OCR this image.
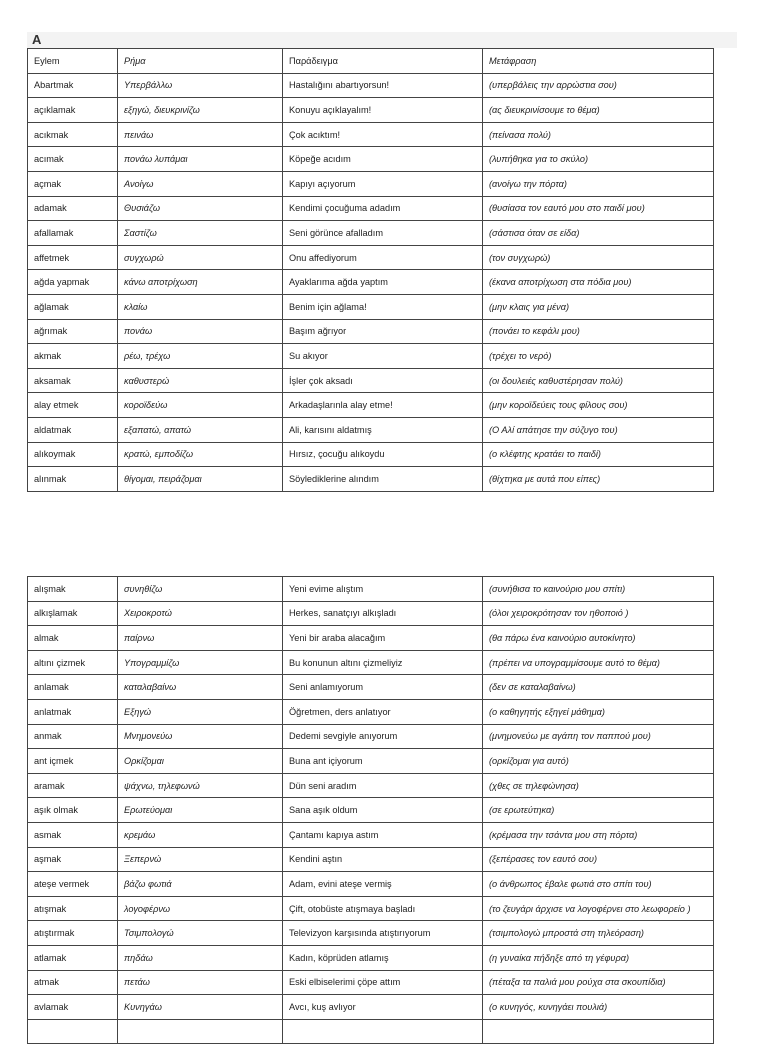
A
Eylem	Ρήμα	Παράδειγμα	Μετάφραση
Abartmak	Υπερβάλλω	Hastalığını abartıyorsun!	(υπερβάλεις την αρρώστια σου)
açıklamak	εξηγώ, διευκρινίζω	Konuyu açıklayalım!	(ας διευκρινίσουμε το θέμα)
acıkmak	πεινάω	Çok acıktım!	(πείνασα πολύ)
acımak	πονάω λυπάμαι	Köpeğe acıdım	(λυπήθηκα για το σκύλο)
açmak	Ανοίγω	Kapıyı açıyorum	(ανοίγω την πόρτα)
adamak	Θυσιάζω	Kendimi çocuğuma adadım	(θυσίασα τον εαυτό μου στο παιδί μου)
afallamak	Σαστίζω	Seni görünce afalladım	(σάστισα όταν σε είδα)
affetmek	συγχωρώ	Onu affediyorum	(τον συγχωρώ)
ağda yapmak	κάνω αποτρίχωση	Ayaklarıma ağda yaptım	(έκανα αποτρίχωση στα πόδια μου)
ağlamak	κλαίω	Benim için ağlama!	(μην κλαις για μένα)
ağrımak	πονάω	Başım ağrıyor	(πονάει το κεφάλι μου)
akmak	ρέω, τρέχω	Su akıyor	(τρέχει το νερό)
aksamak	καθυστερώ	İşler çok aksadı	(οι δουλειές καθυστέρησαν πολύ)
alay etmek	κοροϊδεύω	Arkadaşlarınla alay etme!	(μην κοροϊδεύεις τους φίλους σου)
aldatmak	εξαπατώ, απατώ	Ali, karısını aldatmış	(Ο Αλί απάτησε την σύζυγο του)
alıkoymak	κρατώ, εμποδίζω	Hırsız, çocuğu alıkoydu	(ο κλέφτης κρατάει το παιδί)
alınmak	θίγομαι, πειράζομαι	Söylediklerine alındım	(θίχτηκα με αυτά που είπες)
alışmak	συνηθίζω	Yeni evime alıştım	(συνήθισα το καινούριο μου σπίτι)
alkışlamak	Χειροκροτώ	Herkes, sanatçıyı alkışladı	(όλοι χειροκρότησαν τον ηθοποιό )
almak	παίρνω	Yeni bir araba alacağım	(θα πάρω ένα καινούριο αυτοκίνητο)
altını çizmek	Υπογραμμίζω	Bu konunun altını çizmeliyiz	(πρέπει να υπογραμμίσουμε αυτό το θέμα)
anlamak	καταλαβαίνω	Seni anlamıyorum	(δεν σε καταλαβαίνω)
anlatmak	Εξηγώ	Öğretmen, ders anlatıyor	(ο καθηγητής εξηγεί μάθημα)
anmak	Μνημονεύω	Dedemi sevgiyle anıyorum	(μνημονεύω με αγάπη τον παππού μου)
ant içmek	Ορκίζομαι	Buna ant içiyorum	(ορκίζομαι για αυτό)
aramak	ψάχνω, τηλεφωνώ	Dün seni aradım	(χθες σε τηλεφώνησα)
aşık olmak	Ερωτεύομαι	Sana aşık oldum	(σε ερωτεύτηκα)
asmak	κρεμάω	Çantamı kapıya astım	(κρέμασα την τσάντα μου στη πόρτα)
aşmak	Ξεπερνώ	Kendini aştın	(ξεπέρασες τον εαυτό σου)
ateşe vermek	βάζω φωτιά	Adam, evini ateşe vermiş	(ο άνθρωπος έβαλε φωτιά στο σπίτι του)
atışmak	λογοφέρνω	Çift, otobüste atışmaya başladı	(το ζευγάρι άρχισε να λογοφέρνει στο λεωφορείο )
atıştırmak	Τσιμπολογώ	Televizyon karşısında atıştırıyorum	(τσιμπολογώ μπροστά στη τηλεόραση)
atlamak	πηδάω	Kadın, köprüden atlamış	(η γυναίκα πήδηξε από τη γέφυρα)
atmak	πετάω	Eski elbiselerimi çöpe attım	(πέταξα τα παλιά μου ρούχα στα σκουπίδια)
avlamak	Κυνηγάω	Avcı, kuş avlıyor	(ο κυνηγός, κυνηγάει πουλιά)
